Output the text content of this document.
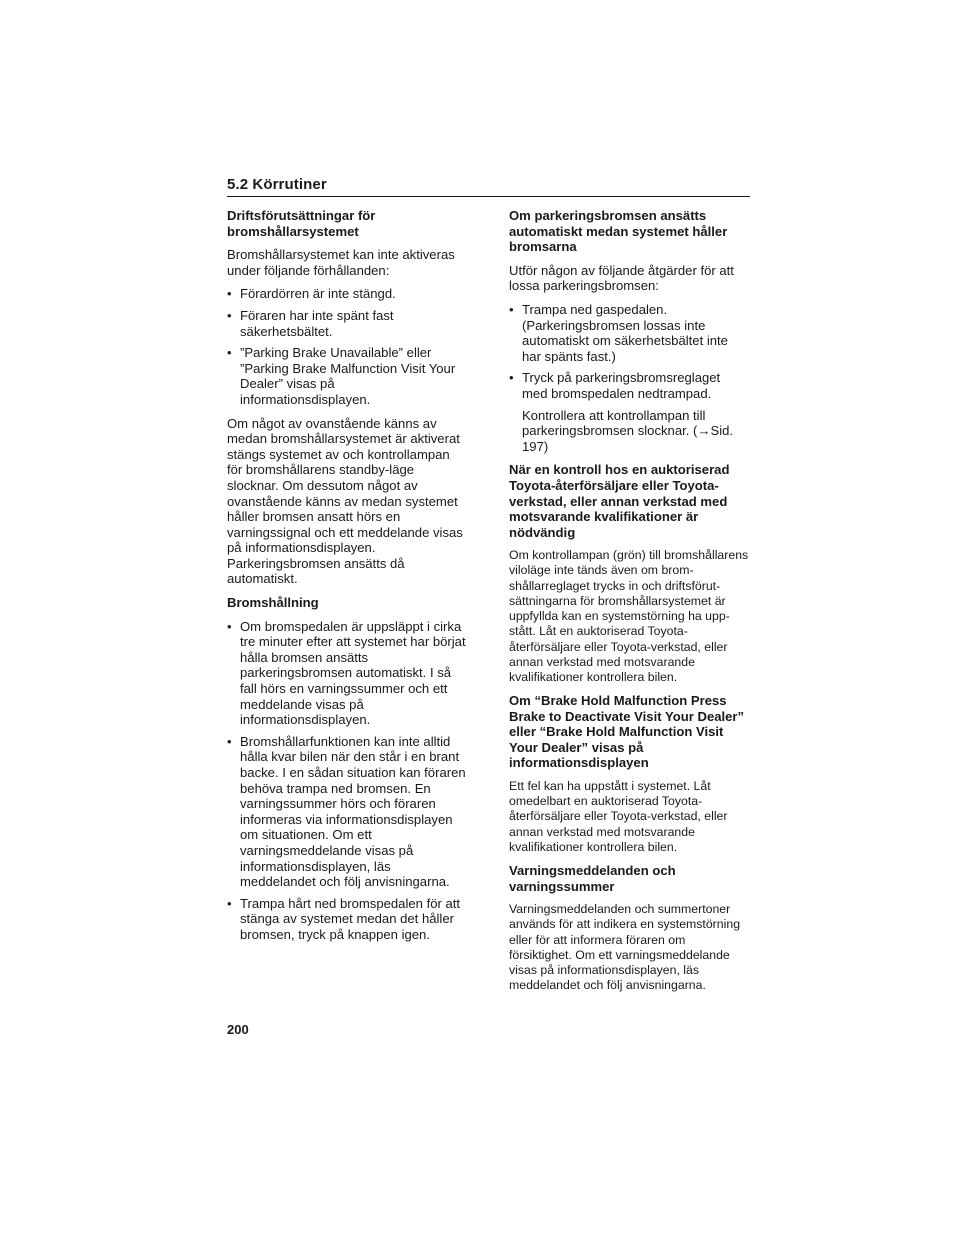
5.2 Körrutiner
Driftsförutsättningar för bromshållarsystemet
Bromshållarsystemet kan inte aktiveras under följande förhållanden:
• Förardörren är inte stängd.
• Föraren har inte spänt fast säkerhetsbältet.
• ”Parking Brake Unavailable” eller ”Parking Brake Malfunction Visit Your Dealer” visas på informationsdisplayen.
Om något av ovanstående känns av medan bromshållarsystemet är aktiverat stängs systemet av och kontrollampan för bromshållarens standby-läge slocknar. Om dessutom något av ovanstående känns av medan systemet håller bromsen ansatt hörs en varningssignal och ett meddelande visas på informationsdisplayen. Parkeringsbromsen ansätts då automatiskt.
Bromshållning
• Om bromspedalen är uppsläppt i cirka tre minuter efter att systemet har börjat hålla bromsen ansätts parkeringsbromsen automatiskt. I så fall hörs en varningssummer och ett meddelande visas på informationsdisplayen.
• Bromshållarfunktionen kan inte alltid hålla kvar bilen när den står i en brant backe. I en sådan situation kan föraren behöva trampa ned bromsen. En varningssummer hörs och föraren informeras via informationsdisplayen om situationen. Om ett varningsmeddelande visas på informationsdisplayen, läs meddelandet och följ anvisningarna.
• Trampa hårt ned bromspedalen för att stänga av systemet medan det håller bromsen, tryck på knappen igen.
Om parkeringsbromsen ansätts automatiskt medan systemet håller bromsarna
Utför någon av följande åtgärder för att lossa parkeringsbromsen:
• Trampa ned gaspedalen. (Parkeringsbromsen lossas inte automatiskt om säkerhetsbältet inte har spänts fast.)
• Tryck på parkeringsbromsreglaget med bromspedalen nedtrampad.
Kontrollera att kontrollampan till parkeringsbromsen slocknar. (→Sid. 197)
När en kontroll hos en auktoriserad Toyota-återförsäljare eller Toyota-verkstad, eller annan verkstad med motsvarande kvalifikationer är nödvändig
Om kontrollampan (grön) till bromshållarens viloläge inte tänds även om bromshållarreglaget trycks in och driftsförutsättningarna för bromshållarsystemet är uppfyllda kan en systemstörning ha uppstått. Låt en auktoriserad Toyota-återförsäljare eller Toyota-verkstad, eller annan verkstad med motsvarande kvalifikationer kontrollera bilen.
Om “Brake Hold Malfunction Press Brake to Deactivate Visit Your Dealer” eller “Brake Hold Malfunction Visit Your Dealer” visas på informationsdisplayen
Ett fel kan ha uppstått i systemet. Låt omedelbart en auktoriserad Toyota-återförsäljare eller Toyota-verkstad, eller annan verkstad med motsvarande kvalifikationer kontrollera bilen.
Varningsmeddelanden och varningssummer
Varningsmeddelanden och summertoner används för att indikera en systemstörning eller för att informera föraren om försiktighet. Om ett varningsmeddelande visas på informationsdisplayen, läs meddelandet och följ anvisningarna.
200
